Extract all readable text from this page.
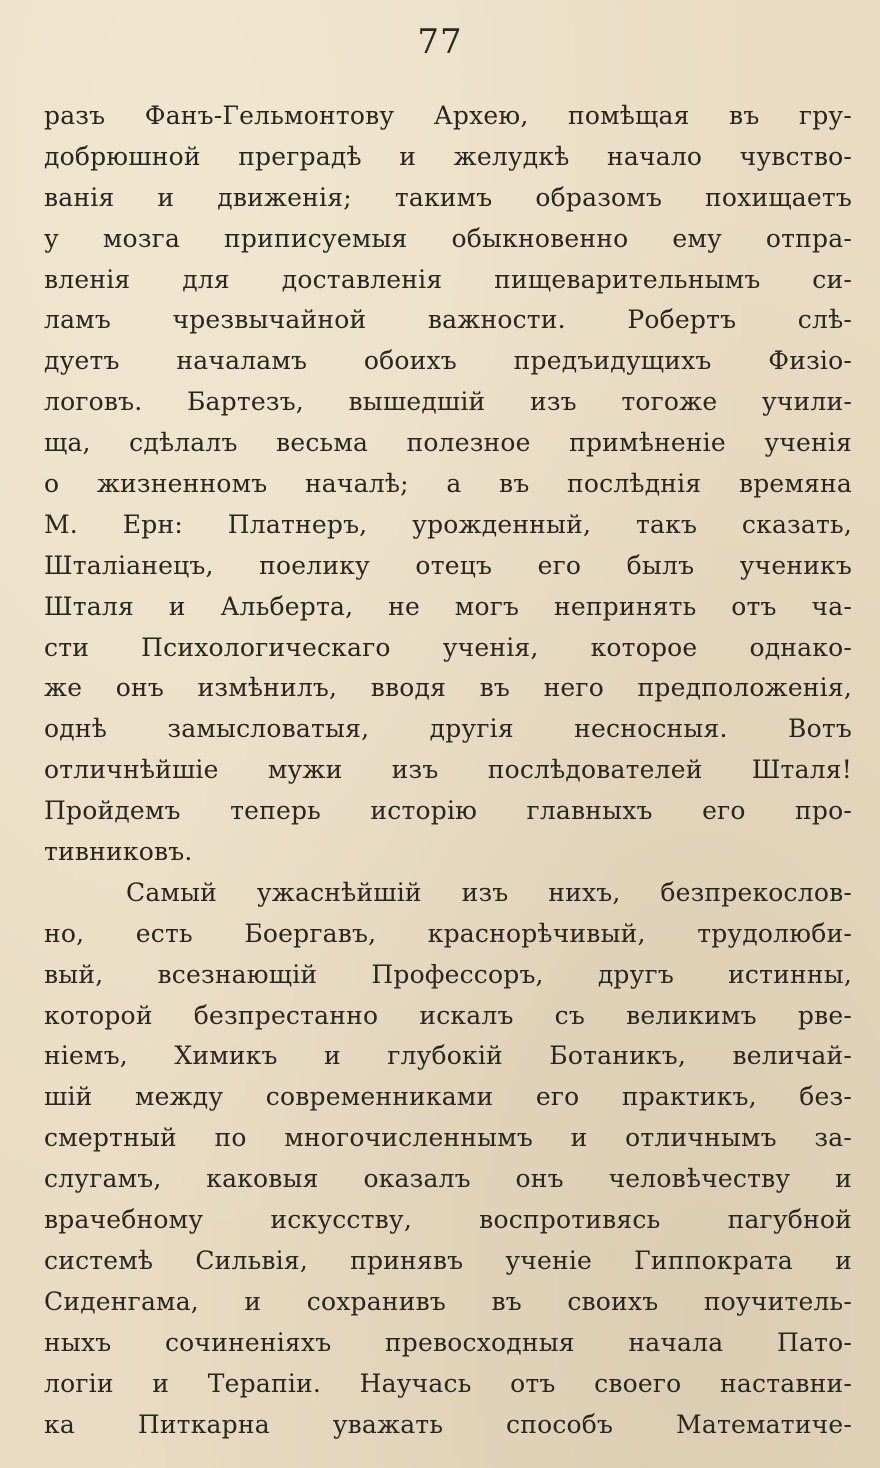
77
разъ Фанъ-Гельмонтову Архею, помѣщая въ гру-
добрюшной преградѣ и желудкѣ начало чувство-
ванія и движенія; такимъ образомъ похищаетъ
у мозга приписуемыя обыкновенно ему отпра-
вленія для доставленія пищеварительнымъ си-
ламъ чрезвычайной важности. Робертъ слѣ-
дуетъ началамъ обоихъ предъидущихъ Физіо-
логовъ. Бартезъ, вышедшій изъ тогоже учили-
ща, сдѣлалъ весьма полезное примѣненіе ученія
о жизненномъ началѣ; а въ послѣднія времяна
М. Ерн: Платнеръ, урожденный, такъ сказать,
Шталіанецъ, поелику отецъ его былъ ученикъ
Шталя и Альберта, не могъ непринять отъ ча-
сти Психологическаго ученія, которое однако-
же онъ измѣнилъ, вводя въ него предположенія,
однѣ замысловатыя, другія несносныя. Вотъ
отличнѣйшіе мужи изъ послѣдователей Шталя!
Пройдемъ теперь исторію главныхъ его про-
тивниковъ.
Самый ужаснѣйшій изъ нихъ, безпрекослов-
но, есть Боергавъ, краснорѣчивый, трудолюби-
вый, всезнающій Профессоръ, другъ истинны,
которой безпрестанно искалъ съ великимъ рве-
ніемъ, Химикъ и глубокій Ботаникъ, величай-
шій между современниками его практикъ, без-
смертный по многочисленнымъ и отличнымъ за-
слугамъ, каковыя оказалъ онъ человѣчеству и
врачебному искусству, воспротивясь пагубной
системѣ Сильвія, принявъ ученіе Гиппократа и
Сиденгама, и сохранивъ въ своихъ поучитель-
ныхъ сочиненіяхъ превосходныя начала Пато-
логіи и Терапіи. Научась отъ своего наставни-
ка Питкарна уважать способъ Математиче-
